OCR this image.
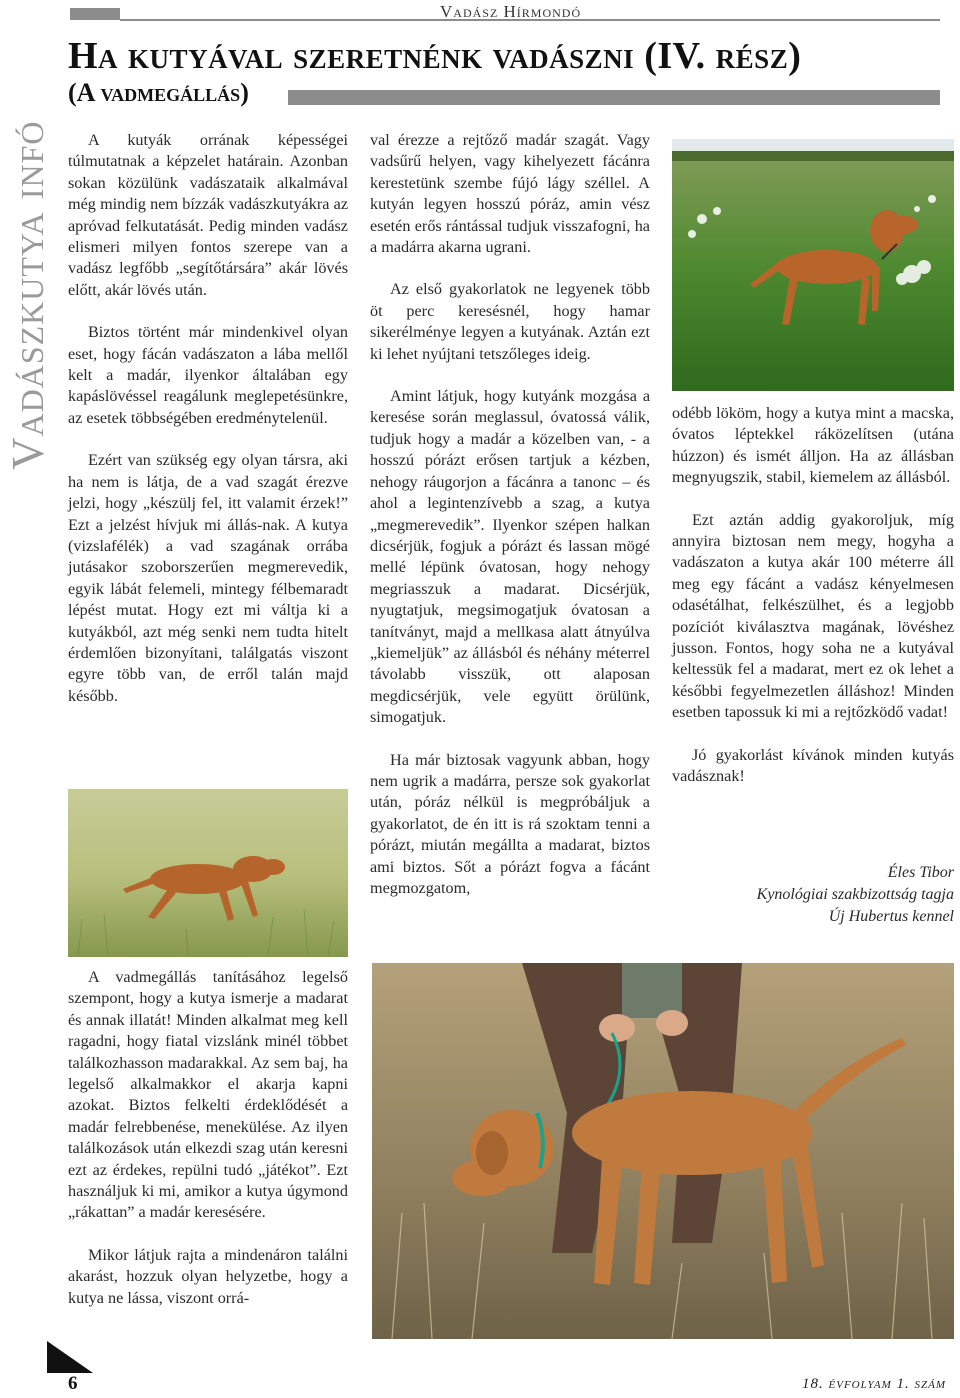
Vadász Hírmondó
Vadászkutya infó
Ha kutyával szeretnénk vadászni (IV. rész)
(A vadmegállás)

A kutyák orrának képességei túlmutatnak a képzelet határain. Azonban sokan közülünk vadászataik alkalmával még mindig nem bízzák vadászkutyákra az apróvad felkutatását. Pedig minden vadász elismeri milyen fontos szerepe van a vadász legfőbb „segítőtársára” akár lövés előtt, akár lövés után.

Biztos történt már mindenkivel olyan eset, hogy fácán vadászaton a lába mellől kelt a madár, ilyenkor általában egy kapáslövéssel reagálunk meglepetésünkre, az esetek többségében eredménytelenül.

Ezért van szükség egy olyan társra, aki ha nem is látja, de a vad szagát érezve jelzi, hogy „készülj fel, itt valamit érzek!” Ezt a jelzést hívjuk mi állás-nak. A kutya (vizslafélék) a vad szagának orrába jutásakor szoborszerűen megmerevedik, egyik lábát felemeli, mintegy félbemaradt lépést mutat. Hogy ezt mi váltja ki a kutyákból, azt még senki nem tudta hitelt érdemlően bizonyítani, találgatás viszont egyre több van, de erről talán majd később.

A vadmegállás tanításához legelső szempont, hogy a kutya ismerje a madarat és annak illatát! Minden alkalmat meg kell ragadni, hogy fiatal vizslánk minél többet találkozhasson madarakkal. Az sem baj, ha legelső alkalmakkor el akarja kapni azokat. Biztos felkelti érdeklődését a madár felrebbenése, menekülése. Az ilyen találkozások után elkezdi szag után keresni ezt az érdekes, repülni tudó „játékot”. Ezt használjuk ki mi, amikor a kutya úgymond „rákattan” a madár keresésére.

Mikor látjuk rajta a mindenáron találni akarást, hozzuk olyan helyzetbe, hogy a kutya ne lássa, viszont orrá-

val érezze a rejtőző madár szagát. Vagy vadsűrű helyen, vagy kihelyezett fácánra kerestetünk szembe fújó lágy széllel. A kutyán legyen hosszú póráz, amin vész esetén erős rántással tudjuk visszafogni, ha a madárra akarna ugrani.

Az első gyakorlatok ne legyenek több öt perc keresésnél, hogy hamar sikerélménye legyen a kutyának. Aztán ezt ki lehet nyújtani tetszőleges ideig.

Amint látjuk, hogy kutyánk mozgása a keresése során meglassul, óvatossá válik, tudjuk hogy a madár a közelben van, - a hosszú pórázt erősen tartjuk a kézben, nehogy ráugorjon a fácánra a tanonc – és ahol a legintenzívebb a szag, a kutya „megmerevedik”. Ilyenkor szépen halkan dicsérjük, fogjuk a pórázt és lassan mögé mellé lépünk óvatosan, hogy nehogy megriasszuk a madarat. Dicsérjük, nyugtatjuk, megsimogatjuk óvatosan a tanítványt, majd a mellkasa alatt átnyúlva „kiemeljük” az állásból és néhány méterrel távolabb visszük, ott alaposan megdicsérjük, vele együtt örülünk, simogatjuk.

Ha már biztosak vagyunk abban, hogy nem ugrik a madárra, persze sok gyakorlat után, póráz nélkül is megpróbáljuk a gyakorlatot, de én itt is rá szoktam tenni a pórázt, miután megálltа a madarat, biztos ami biztos. Sőt a pórázt fogva a fácánt megmozgatom,

odébb lököm, hogy a kutya mint a macska, óvatos léptekkel ráközelítsen (utána húzzon) és ismét álljon. Ha az állásban megnyugszik, stabil, kiemelem az állásból.

Ezt aztán addig gyakoroljuk, míg annyira biztosan nem megy, hogyha a vadászaton a kutya akár 100 méterre áll meg egy fácánt a vadász kényelmesen odasétálhat, felkészülhet, és a legjobb pozíciót kiválasztva magának, lövéshez jusson. Fontos, hogy soha ne a kutyával keltessük fel a madarat, mert ez ok lehet a későbbi fegyelmezetlen álláshoz! Minden esetben tapossuk ki mi a rejtőzködő vadat!

Jó gyakorlást kívánok minden kutyás vadásznak!

Éles Tibor
Kynológiai szakbizottság tagja
Új Hubertus kennel
6	18. évfolyam 1. szám
